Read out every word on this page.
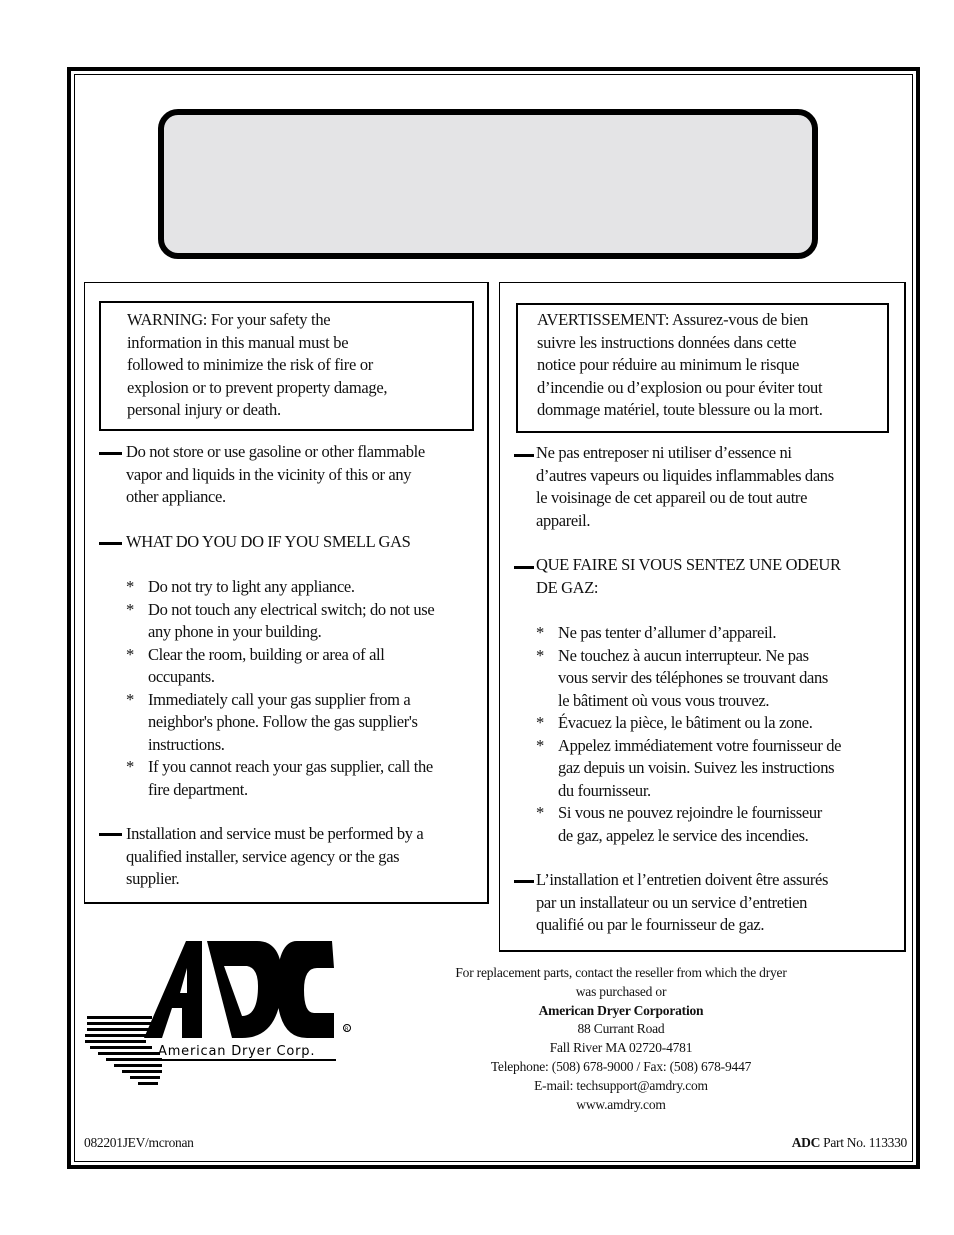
WARNING: For your safety the
information in this manual must be
followed to minimize the risk of fire or
explosion or to prevent property damage,
personal injury or death.
Do not store or use gasoline or other flammable
vapor and liquids in the vicinity of this or any
other appliance.
WHAT DO YOU DO IF YOU SMELL GAS
* Do not try to light any appliance.
* Do not touch any electrical switch; do not use
any phone in your building.
* Clear the room, building or area of all
occupants.
* Immediately call your gas supplier from a
neighbor's phone. Follow the gas supplier's
instructions.
* If you cannot reach your gas supplier, call the
fire department.
Installation and service must be performed by a
qualified installer, service agency or the gas
supplier.
AVERTISSEMENT: Assurez-vous de bien
suivre les instructions données dans cette
notice pour réduire au minimum le risque
d’incendie ou d’explosion ou pour éviter tout
dommage matériel, toute blessure ou la mort.
Ne pas entreposer ni utiliser d’essence ni
d’autres vapeurs ou liquides inflammables dans
le voisinage de cet appareil ou de tout autre
appareil.
QUE FAIRE SI VOUS SENTEZ UNE ODEUR
DE GAZ:
* Ne pas tenter d’allumer d’appareil.
* Ne touchez à aucun interrupteur. Ne pas
vous servir des téléphones se trouvant dans
le bâtiment où vous vous trouvez.
* Évacuez la pièce, le bâtiment ou la zone.
* Appelez immédiatement votre fournisseur de
gaz depuis un voisin. Suivez les instructions
du fournisseur.
* Si vous ne pouvez rejoindre le fournisseur
de gaz, appelez le service des incendies.
L’installation et l’entretien doivent être assurés
par un installateur ou un service d’entretien
qualifié ou par le fournisseur de gaz.
American Dryer Corp.
R
For replacement parts, contact the reseller from which the dryer
was purchased or
American Dryer Corporation
88 Currant Road
Fall River MA 02720-4781
Telephone: (508) 678-9000 / Fax: (508) 678-9447
E-mail: techsupport@amdry.com
www.amdry.com
082201JEV/mcronan	ADC Part No. 113330
